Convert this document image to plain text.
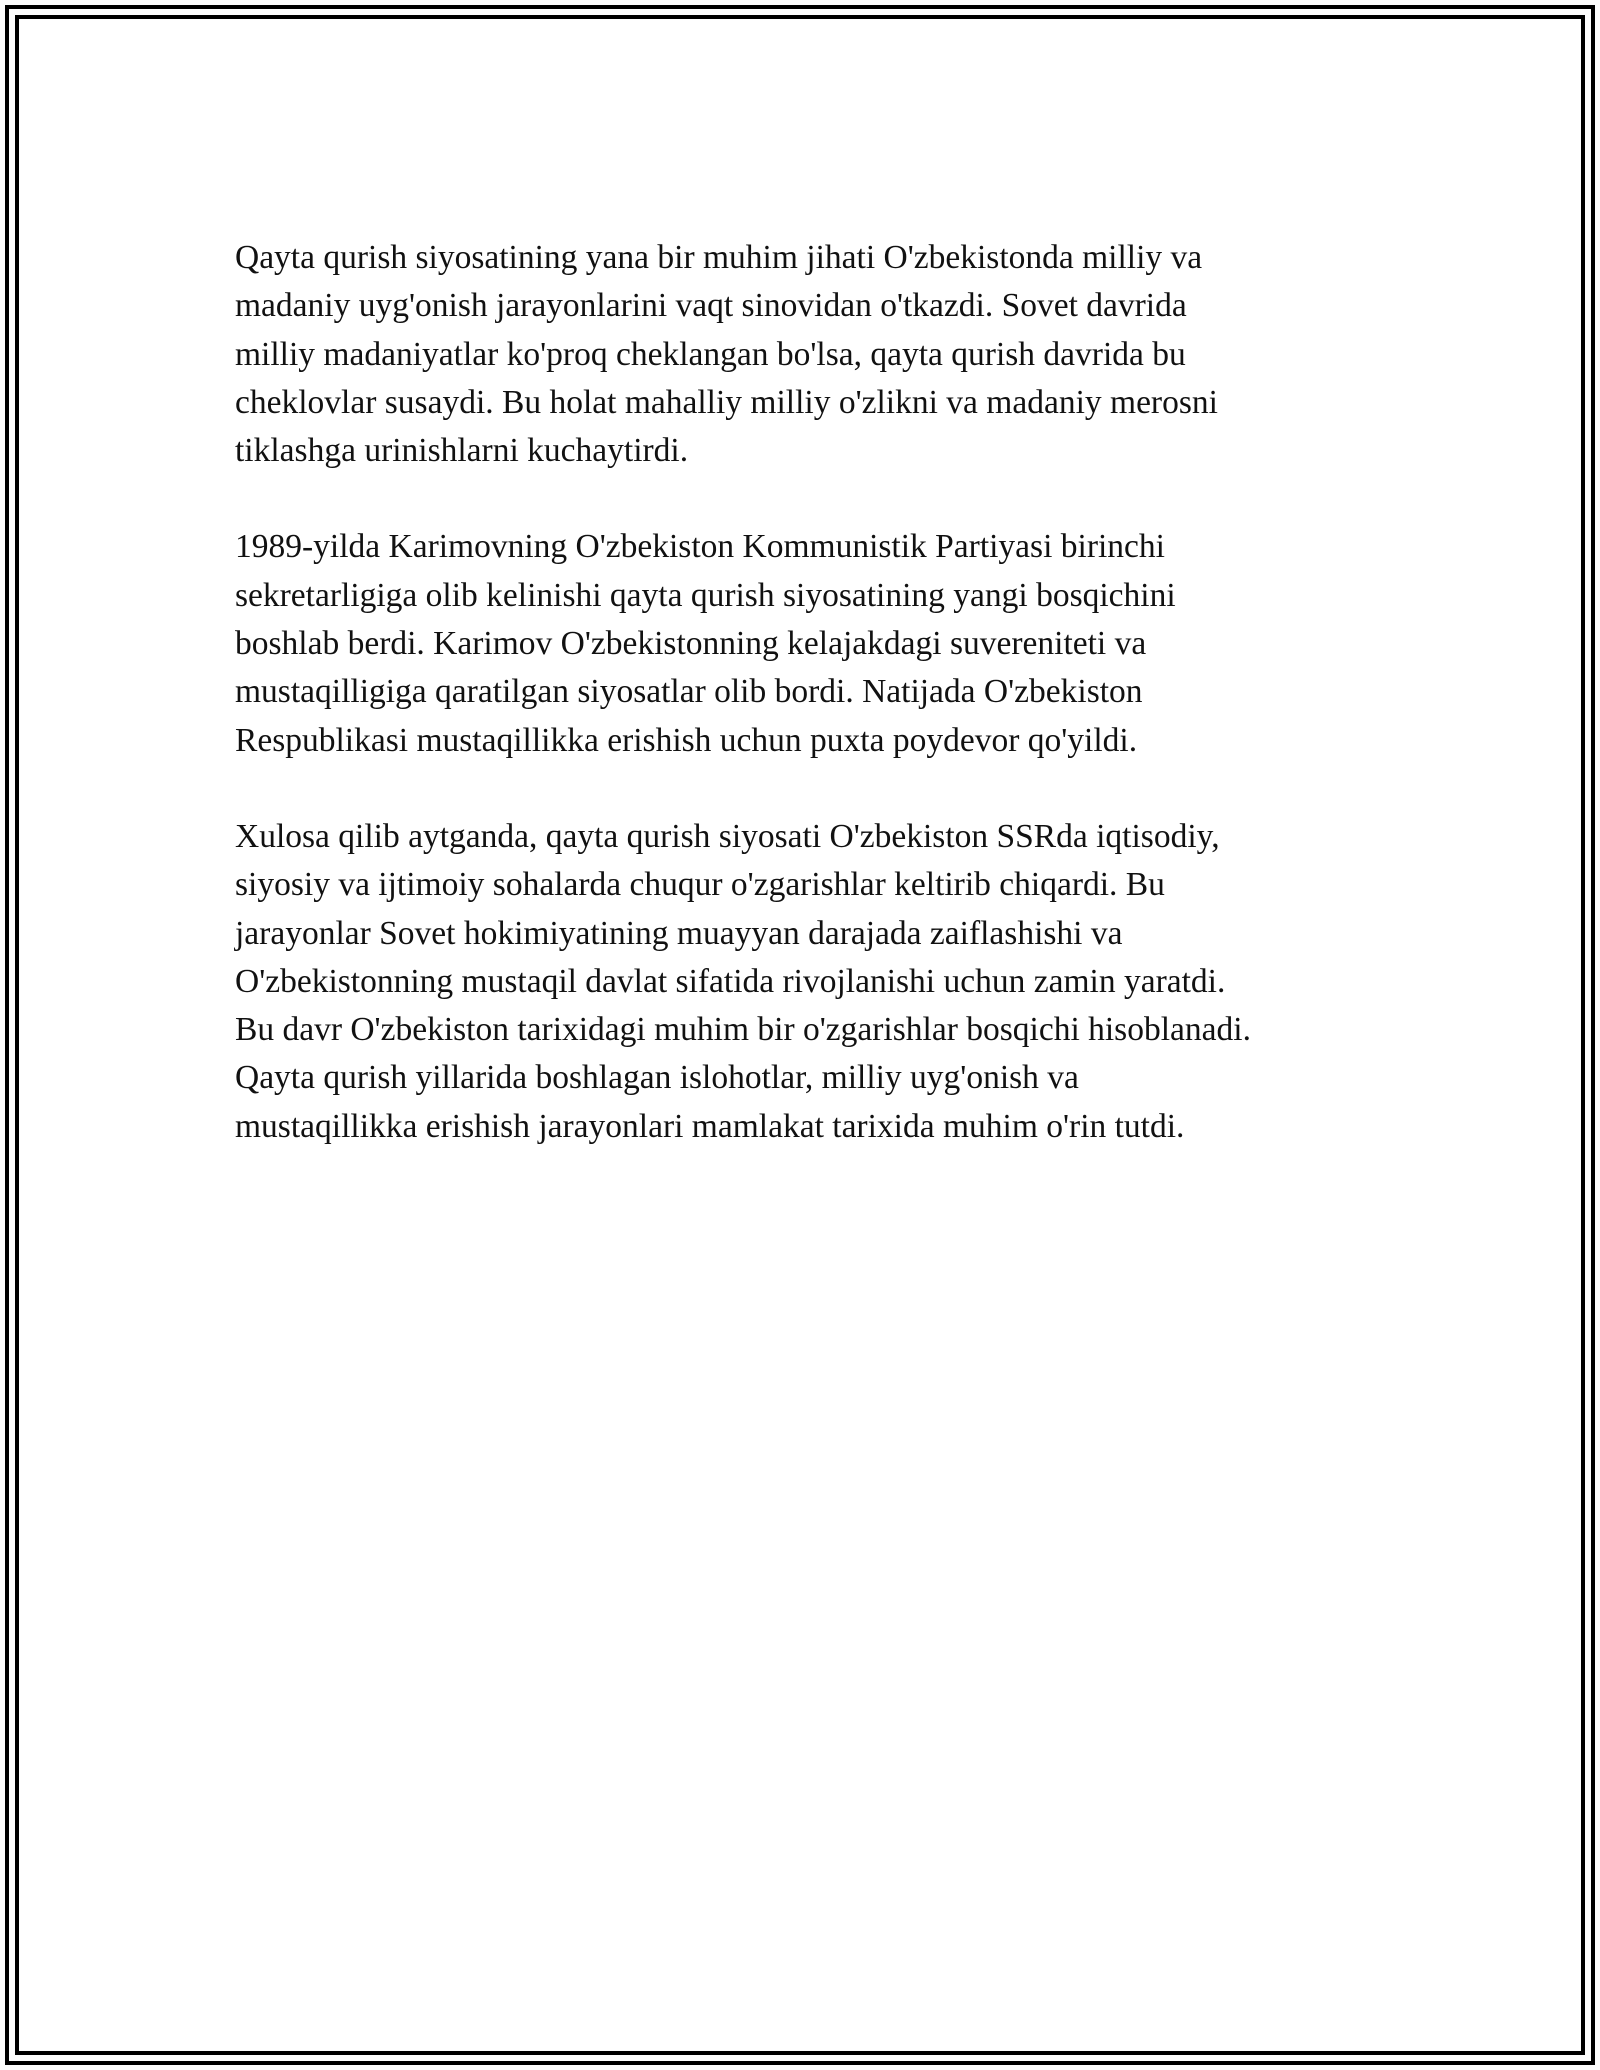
Qayta qurish siyosatining yana bir muhim jihati O'zbekistonda milliy va
madaniy uyg'onish jarayonlarini vaqt sinovidan o'tkazdi. Sovet davrida
milliy madaniyatlar ko'proq cheklangan bo'lsa, qayta qurish davrida bu
cheklovlar susaydi. Bu holat mahalliy milliy o'zlikni va madaniy merosni
tiklashga urinishlarni kuchaytirdi.

1989-yilda Karimovning O'zbekiston Kommunistik Partiyasi birinchi
sekretarligiga olib kelinishi qayta qurish siyosatining yangi bosqichini
boshlab berdi. Karimov O'zbekistonning kelajakdagi suvereniteti va
mustaqilligiga qaratilgan siyosatlar olib bordi. Natijada O'zbekiston
Respublikasi mustaqillikka erishish uchun puxta poydevor qo'yildi.

Xulosa qilib aytganda, qayta qurish siyosati O'zbekiston SSRda iqtisodiy,
siyosiy va ijtimoiy sohalarda chuqur o'zgarishlar keltirib chiqardi. Bu
jarayonlar Sovet hokimiyatining muayyan darajada zaiflashishi va
O'zbekistonning mustaqil davlat sifatida rivojlanishi uchun zamin yaratdi.
Bu davr O'zbekiston tarixidagi muhim bir o'zgarishlar bosqichi hisoblanadi.
Qayta qurish yillarida boshlagan islohotlar, milliy uyg'onish va
mustaqillikka erishish jarayonlari mamlakat tarixida muhim o'rin tutdi.
